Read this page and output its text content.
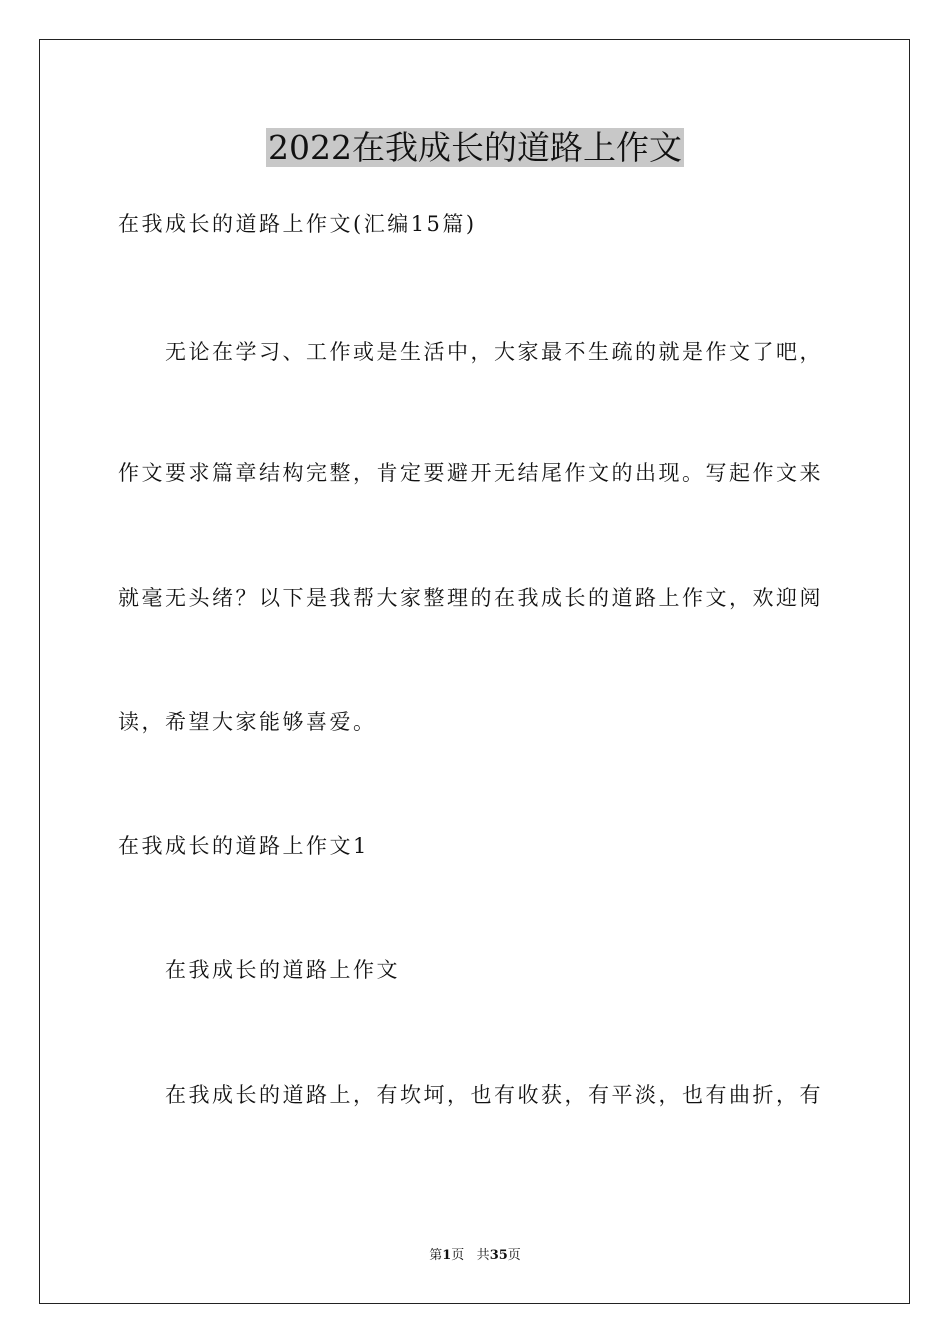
2022在我成长的道路上作文

在我成长的道路上作文(汇编15篇)

无论在学习、工作或是生活中，大家最不生疏的就是作文了吧，

作文要求篇章结构完整，肯定要避开无结尾作文的出现。写起作文来

就毫无头绪？以下是我帮大家整理的在我成长的道路上作文，欢迎阅

读，希望大家能够喜爱。

在我成长的道路上作文1

在我成长的道路上作文

在我成长的道路上，有坎坷，也有收获，有平淡，也有曲折，有

第1页 共35页
